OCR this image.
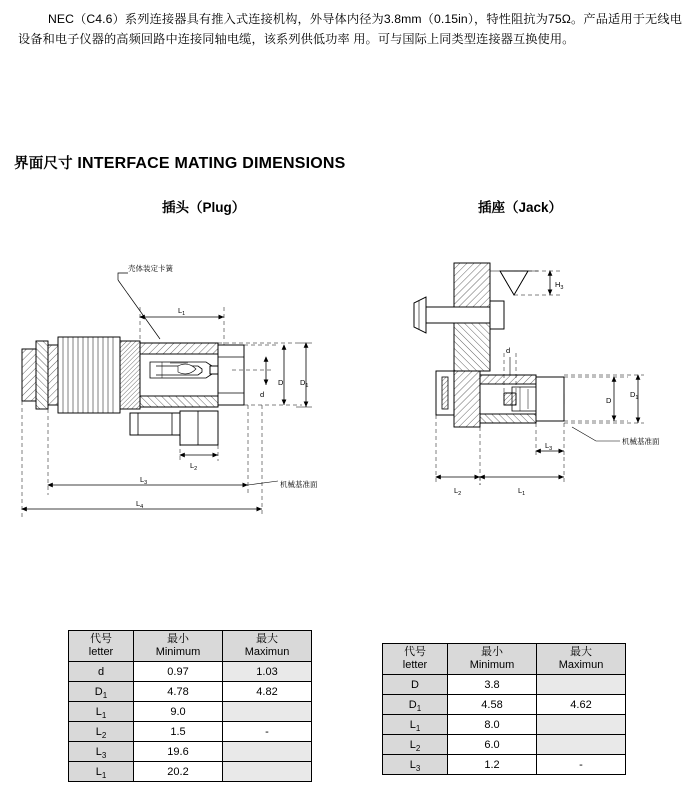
NEC（C4.6）系列连接器具有推入式连接机构，外导体内径为3.8mm（0.15in），特性阻抗为75Ω。产品适用于无线电设备和电子仪器的高频回路中连接同轴电缆，该系列供低功率 用。可与国际上同类型连接器互换使用。
界面尺寸 INTERFACE MATING DIMENSIONS
插头（Plug）	插座（Jack）
壳体装定卡簧
$L_1$
d
D $D_1$
$L_2$
$L_3$
$L_4$
机械基准面
$H_3$
d
D
$D_1$
$L_3$
$L_1$
$L_2$
机械基准面
代号
letter

最小
Minimum

最大
Maximun

d	0.97	1.03
$D_1$	4.78	4.82
$L_1$	9.0	
$L_2$	1.5	-
$L_3$	19.6	
$L_1$	20.2	
代号
letter

最小
Minimum

最大
Maximun

D	3.8	
$D_1$	4.58	4.62
$L_1$	8.0	
$L_2$	6.0	
$L_3$	1.2	-
